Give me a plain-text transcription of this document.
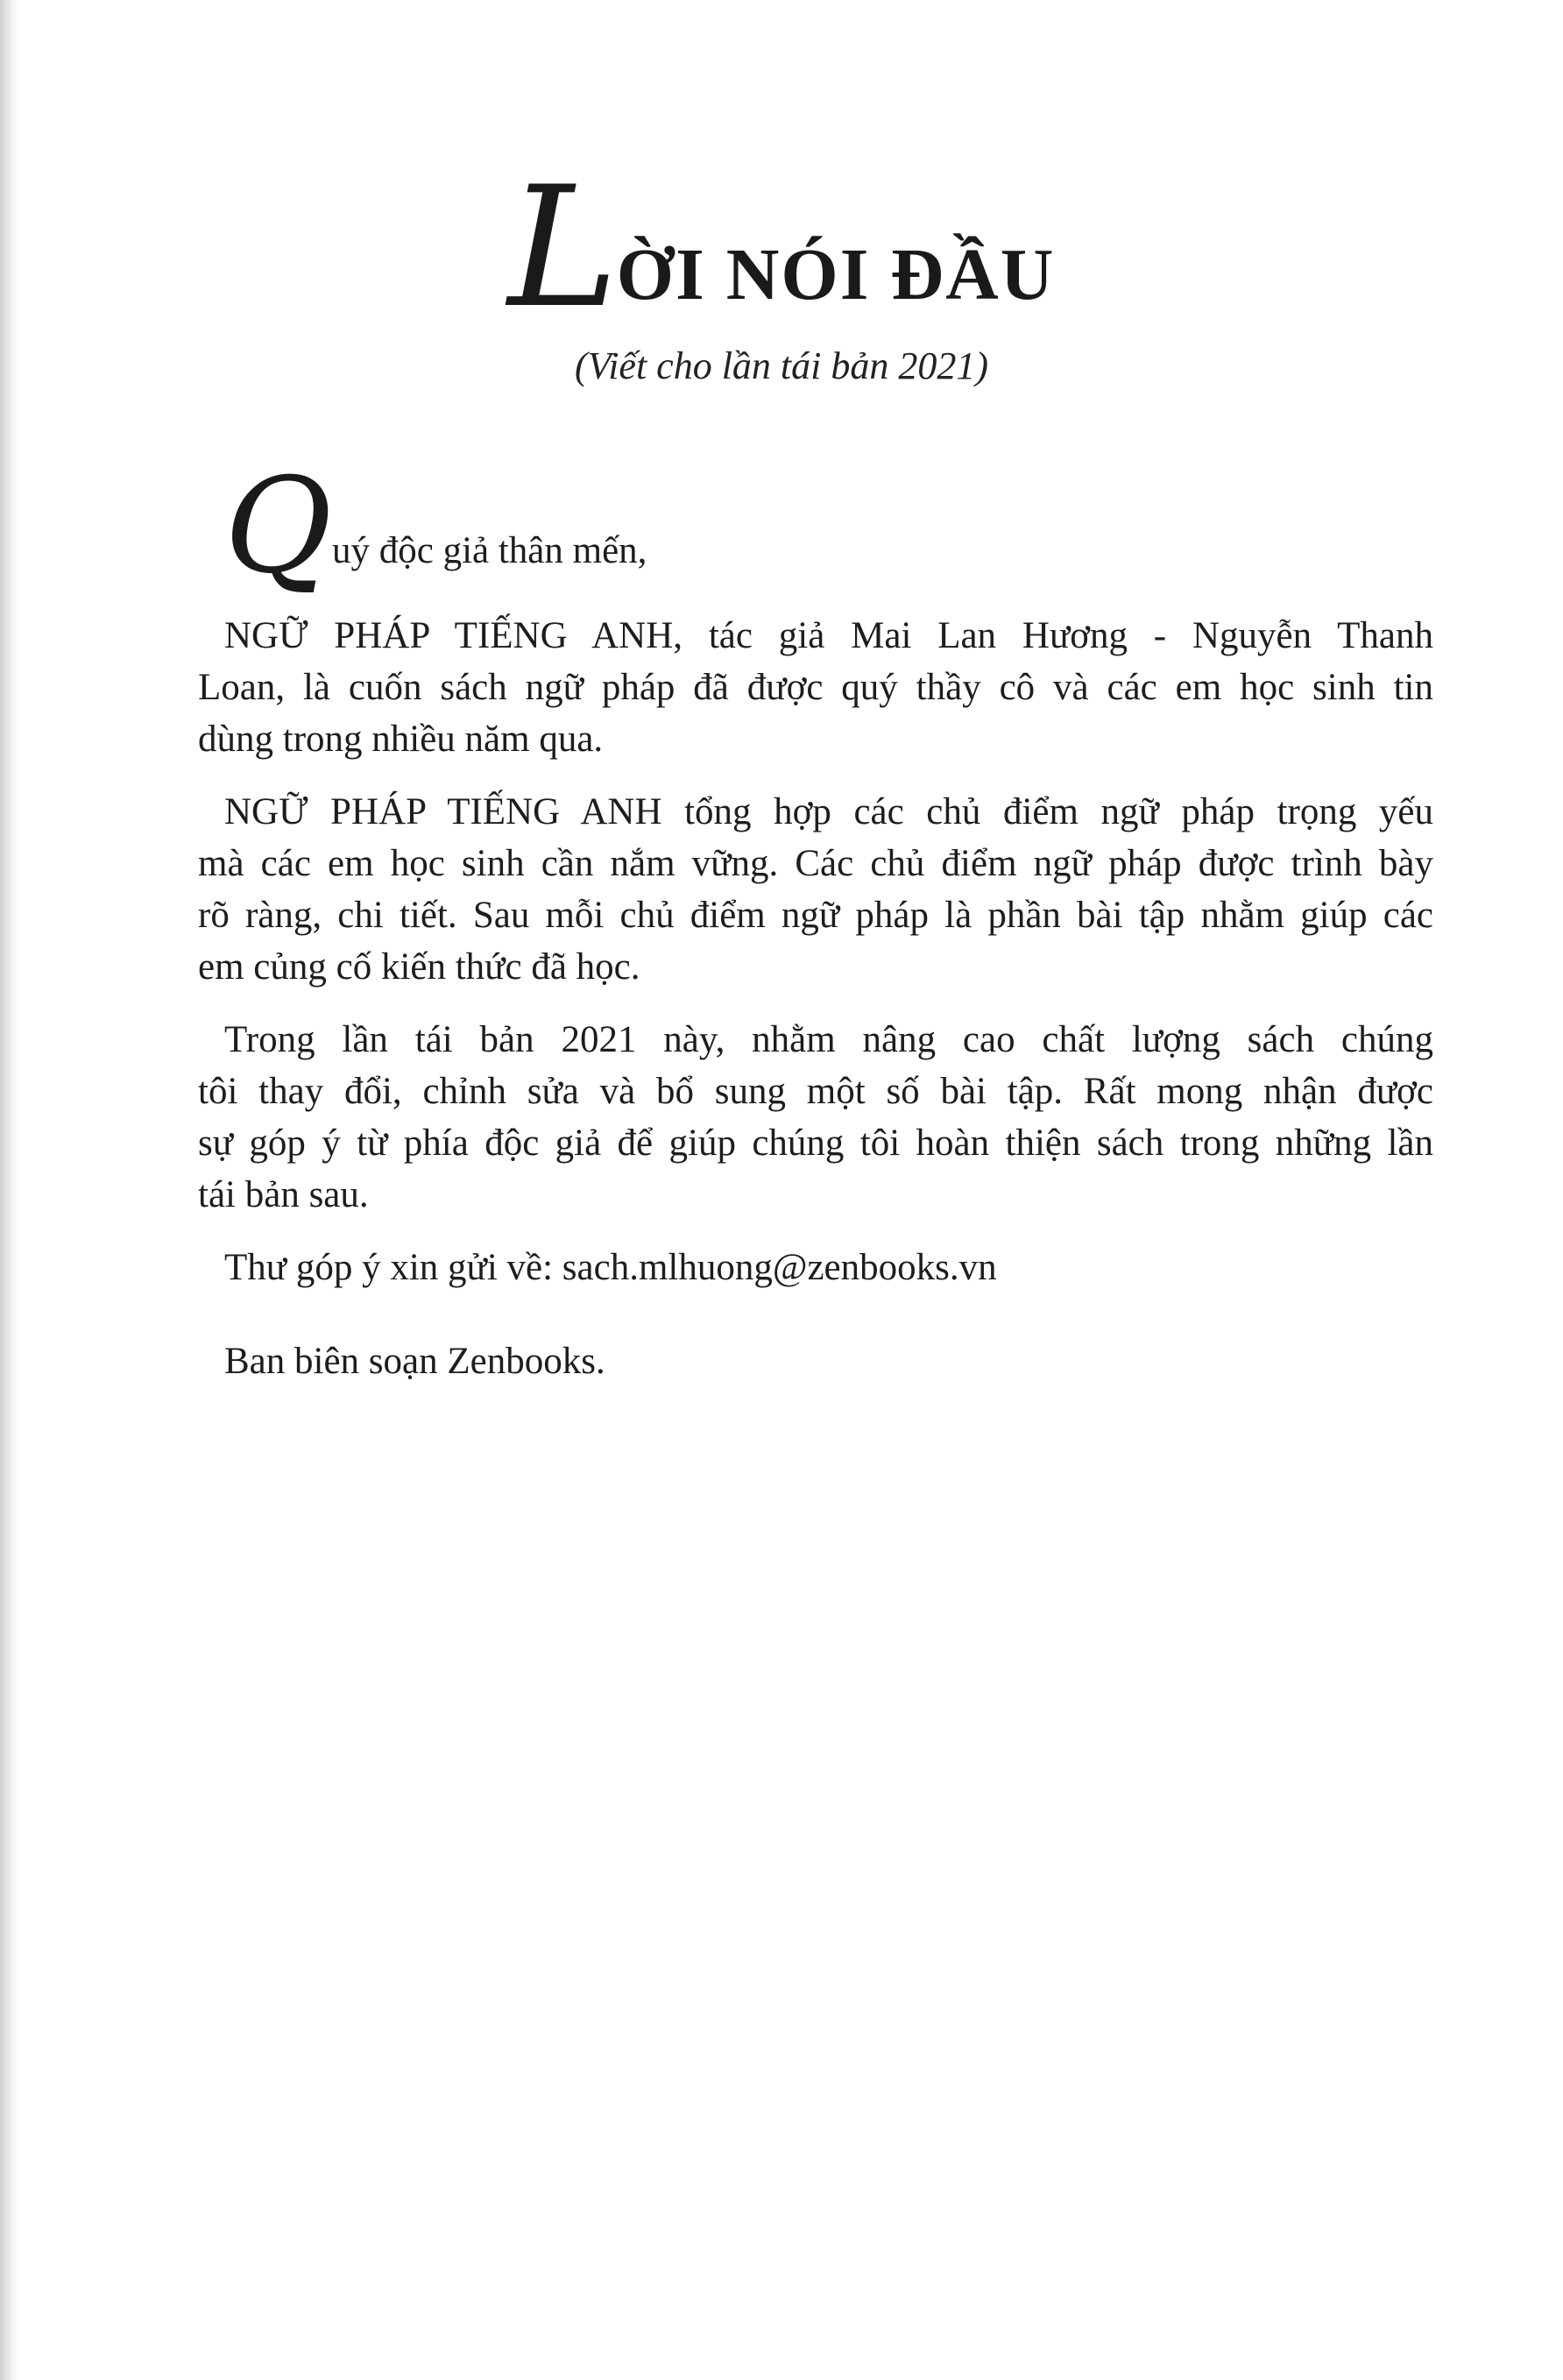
L
ỜI NÓI ĐẦU
(Viết cho lần tái bản 2021)
Q uý độc giả thân mến,
NGỮ PHÁP TIẾNG ANH, tác giả Mai Lan Hương - Nguyễn Thanh
Loan, là cuốn sách ngữ pháp đã được quý thầy cô và các em học sinh tin
dùng trong nhiều năm qua.
NGỮ PHÁP TIẾNG ANH tổng hợp các chủ điểm ngữ pháp trọng yếu
mà các em học sinh cần nắm vững. Các chủ điểm ngữ pháp được trình bày
rõ ràng, chi tiết. Sau mỗi chủ điểm ngữ pháp là phần bài tập nhằm giúp các
em củng cố kiến thức đã học.
Trong lần tái bản 2021 này, nhằm nâng cao chất lượng sách chúng
tôi thay đổi, chỉnh sửa và bổ sung một số bài tập. Rất mong nhận được
sự góp ý từ phía độc giả để giúp chúng tôi hoàn thiện sách trong những lần
tái bản sau.
Thư góp ý xin gửi về: sach.mlhuong@zenbooks.vn
Ban biên soạn Zenbooks.
